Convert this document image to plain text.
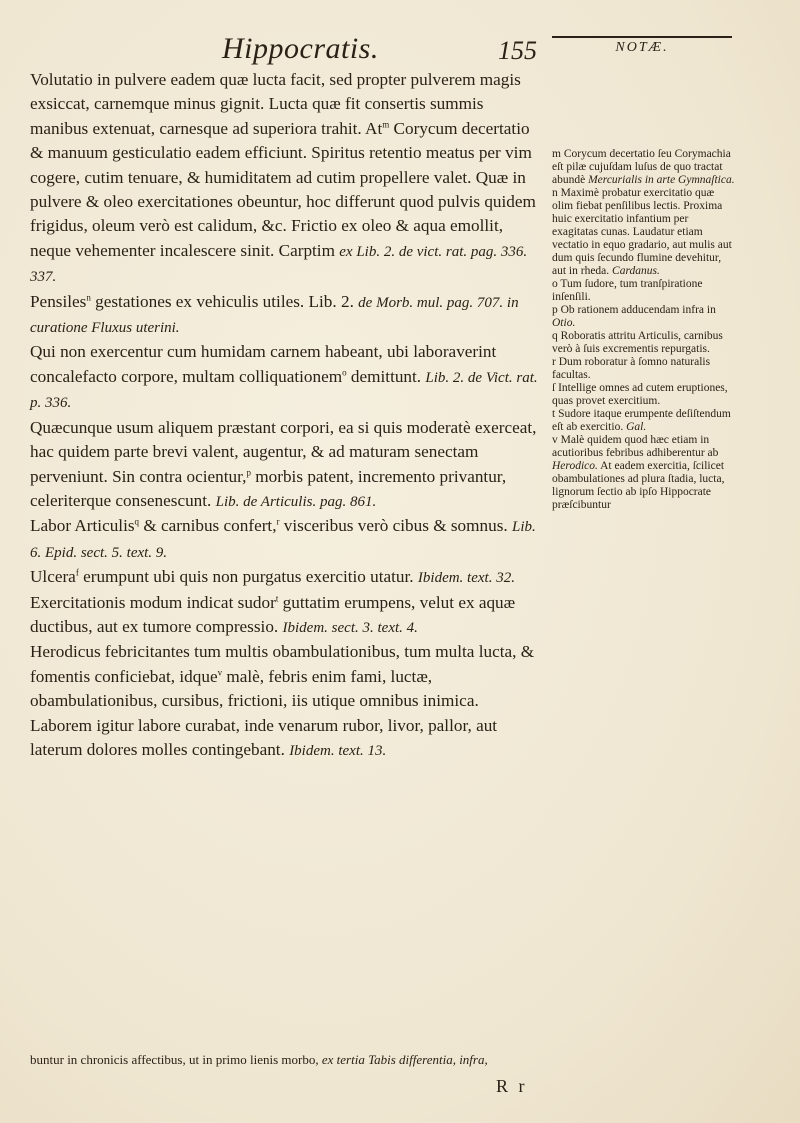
Hippocratis.	155	NOTÆ.

Volutatio in pulvere eadem quæ lucta facit, sed propter pulverem magis exsiccat, carnemque minus gignit. Lucta quæ fit consertis summis manibus extenuat, carnesque ad superiora trahit. At$^m$ Corycum decertatio & manuum gesticulatio eadem efficiunt. Spiritus retentio meatus per vim cogere, cutim tenuare, & humiditatem ad cutim propellere valet. Quæ in pulvere & oleo exercitationes obeuntur, hoc differunt quod pulvis quidem frigidus, oleum verò est calidum, &c. Frictio ex oleo & aqua emollit, neque vehementer incalescere sinit. Carptim ex Lib. 2. de vict. rat. pag. 336. 337.

Pensiles$^n$ gestationes ex vehiculis utiles. Lib. 2. de Morb. mul. pag. 707. in curatione Fluxus uterini.

Qui non exercentur cum humidam carnem habeant, ubi laboraverint concalefacto corpore, multam colliquationem$^o$ demittunt. Lib. 2. de Vict. rat. p. 336.

Quæcunque usum aliquem præstant corpori, ea si quis moderatè exerceat, hac quidem parte brevi valent, augentur, & ad maturam senectam perveniunt. Sin contra ocientur,$^p$ morbis patent, incremento privantur, celeriterque consenescunt. Lib. de Articulis. pag. 861.

Labor Articulis$^q$ & carnibus confert,$^r$ visceribus verò cibus & somnus. Lib. 6. Epid. sect. 5. text. 9.

Ulcera$^f$ erumpunt ubi quis non purgatus exercitio utatur. Ibidem. text. 32.

Exercitationis modum indicat sudor$^t$ guttatim erumpens, velut ex aquæ ductibus, aut ex tumore compressio. Ibidem. sect. 3. text. 4.

Herodicus febricitantes tum multis obambulationibus, tum multa lucta, & fomentis conficiebat, idque$^v$ malè, febris enim fami, luctæ, obambulationibus, cursibus, frictioni, iis utique omnibus inimica. Laborem igitur labore curabat, inde venarum rubor, livor, pallor, aut laterum dolores molles contingebant. Ibidem. text. 13.

m Corycum decertatio ſeu Corymachia eſt pilæ cujuſdam luſus de quo tractat abundè Mercurialis in arte Gymnaſtica.

n Maximè probatur exercitatio quæ olim fiebat penſilibus lectis. Proxima huic exercitatio infantium per exagitatas cunas. Laudatur etiam vectatio in equo gradario, aut mulis aut dum quis ſecundo flumine devehitur, aut in rheda. Cardanus.

o Tum ſudore, tum tranſpiratione inſenſili.

p Ob rationem adducendam infra in Otio.

q Roboratis attritu Articulis, carnibus verò à ſuis excrementis repurgatis.

r Dum roboratur à ſomno naturalis facultas.

ſ Intellige omnes ad cutem eruptiones, quas provet exercitium.

t Sudore itaque erumpente deſiſtendum eſt ab exercitio. Gal.

v Malè quidem quod hæc etiam in acutioribus febribus adhiberentur ab Herodico. At eadem exercitia, ſcilicet obambulationes ad plura ſtadia, lucta, lignorum ſectio ab ipſo Hippocrate præſcibuntur

buntur in chronicis affectibus, ut in primo lienis morbo, ex tertia Tabis differentia, infra,
R r
